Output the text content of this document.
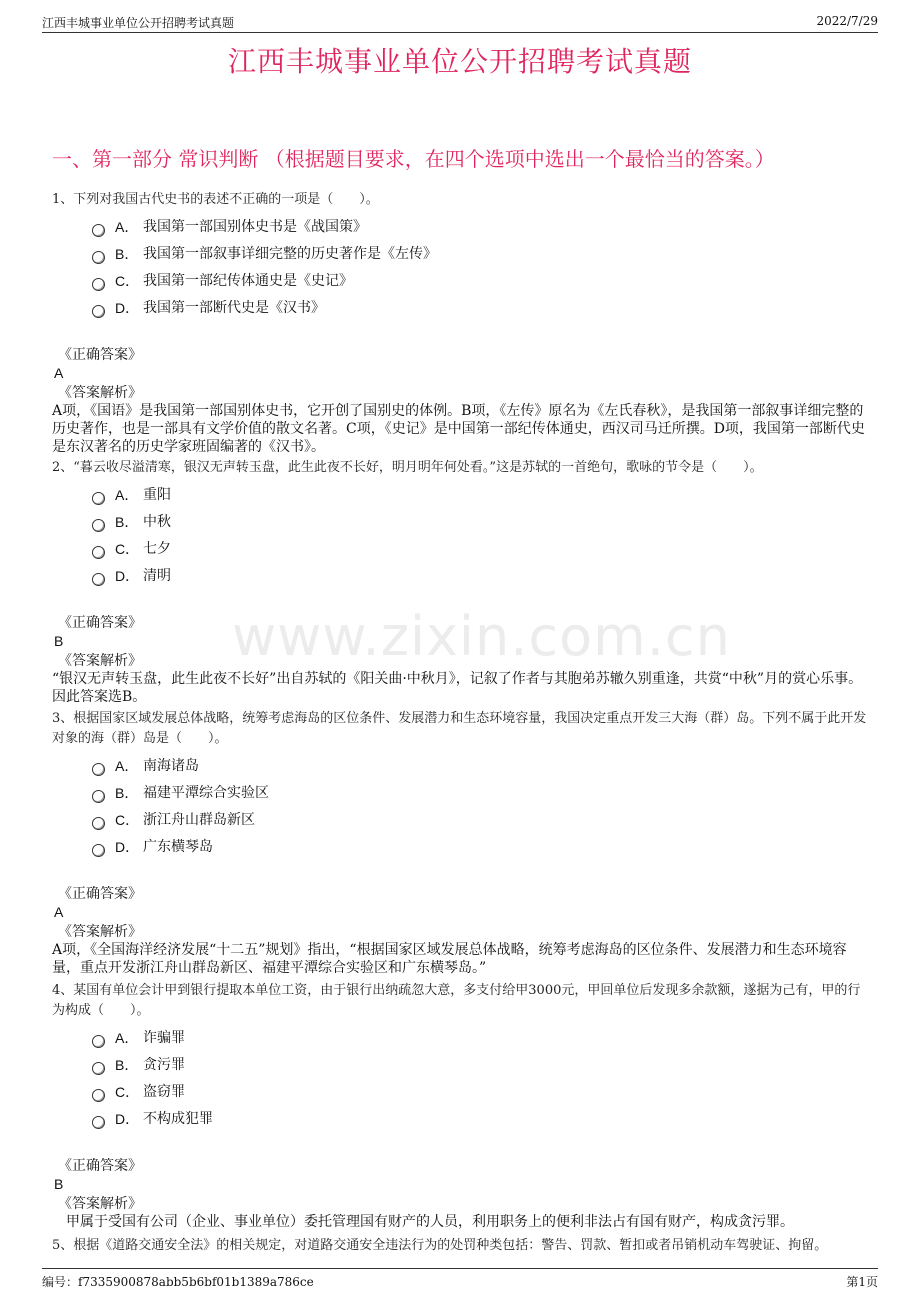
江西丰城事业单位公开招聘考试真题	2022/7/29
江西丰城事业单位公开招聘考试真题
一、第一部分 常识判断 （根据题目要求，在四个选项中选出一个最恰当的答案。）
www.zixin.com.cn
1、下列对我国古代史书的表述不正确的一项是（　　）。
A． 我国第一部国别体史书是《战国策》
B． 我国第一部叙事详细完整的历史著作是《左传》
C． 我国第一部纪传体通史是《史记》
D． 我国第一部断代史是《汉书》
《正确答案》
A
《答案解析》
A项，《国语》是我国第一部国别体史书，它开创了国别史的体例。B项，《左传》原名为《左氏春秋》，是我国第一部叙事详细完整的历史著作，也是一部具有文学价值的散文名著。C项，《史记》是中国第一部纪传体通史，西汉司马迁所撰。D项，我国第一部断代史是东汉著名的历史学家班固编著的《汉书》。
2、“暮云收尽溢清寒，银汉无声转玉盘，此生此夜不长好，明月明年何处看。”这是苏轼的一首绝句，歌咏的节令是（　　）。
A． 重阳
B． 中秋
C． 七夕
D． 清明
《正确答案》
B
《答案解析》
“银汉无声转玉盘，此生此夜不长好”出自苏轼的《阳关曲·中秋月》，记叙了作者与其胞弟苏辙久别重逢，共赏“中秋”月的赏心乐事。因此答案选B。
3、根据国家区域发展总体战略，统筹考虑海岛的区位条件、发展潜力和生态环境容量，我国决定重点开发三大海（群）岛。下列不属于此开发对象的海（群）岛是（　　）。
A． 南海诸岛
B． 福建平潭综合实验区
C． 浙江舟山群岛新区
D． 广东横琴岛
《正确答案》
A
《答案解析》
A项，《全国海洋经济发展“十二五”规划》指出，“根据国家区域发展总体战略，统筹考虑海岛的区位条件、发展潜力和生态环境容量，重点开发浙江舟山群岛新区、福建平潭综合实验区和广东横琴岛。”
4、某国有单位会计甲到银行提取本单位工资，由于银行出纳疏忽大意，多支付给甲3000元，甲回单位后发现多余款额，遂据为己有，甲的行为构成（　　）。
A． 诈骗罪
B． 贪污罪
C． 盗窃罪
D． 不构成犯罪
《正确答案》
B
《答案解析》
　甲属于受国有公司（企业、事业单位）委托管理国有财产的人员，利用职务上的便利非法占有国有财产，构成贪污罪。
5、根据《道路交通安全法》的相关规定，对道路交通安全违法行为的处罚种类包括：警告、罚款、暂扣或者吊销机动车驾驶证、拘留。
编号：f7335900878abb5b6bf01b1389a786ce	第1页
